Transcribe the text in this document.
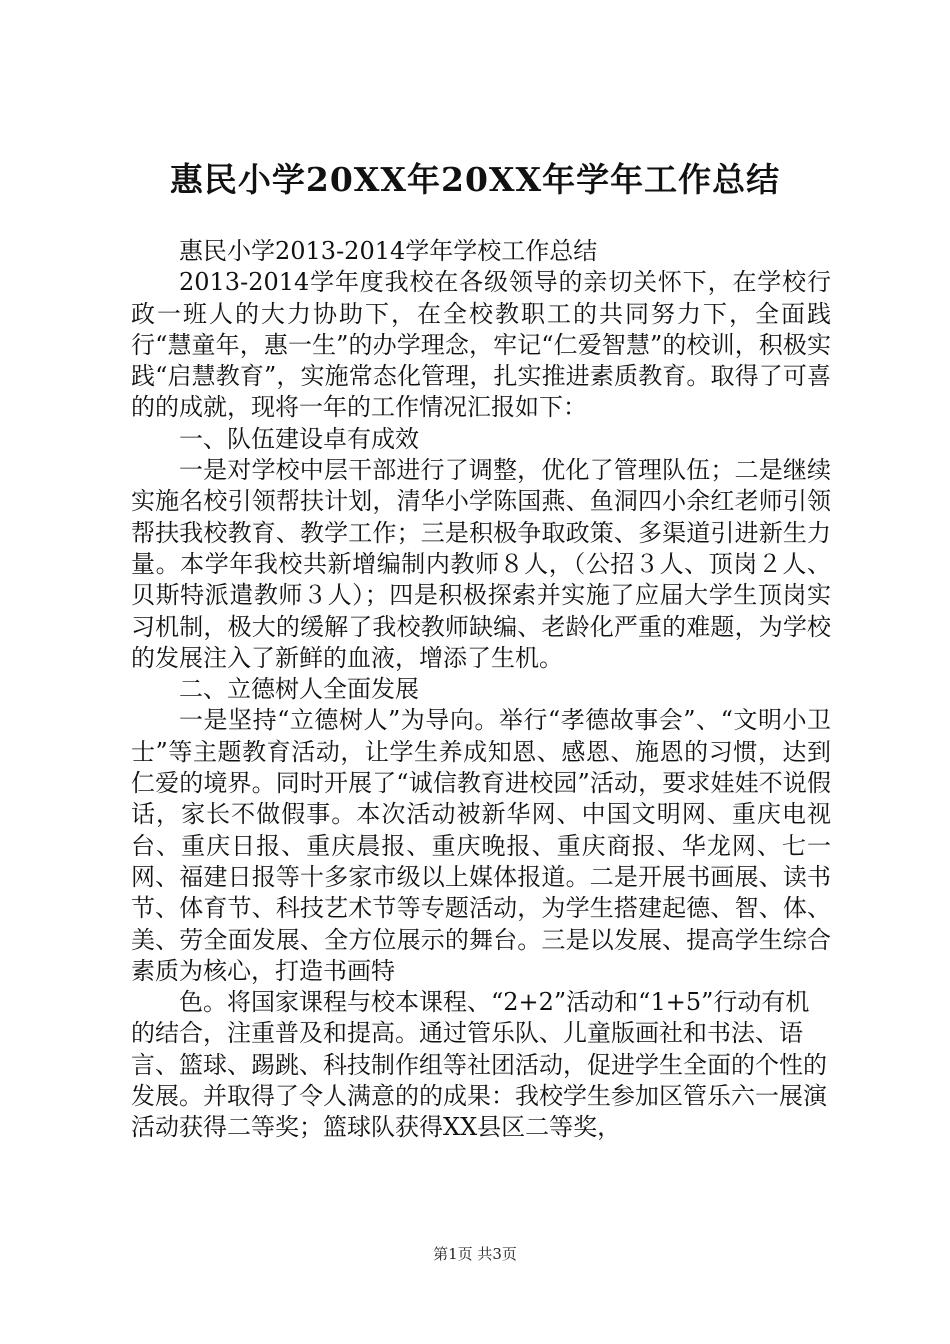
惠民小学20XX年20XX年学年工作总结

惠民小学2013-2014学年学校工作总结

2013-2014学年度我校在各级领导的亲切关怀下，在学校行政一班人的大力协助下，在全校教职工的共同努力下，全面践行“慧童年，惠一生”的办学理念，牢记“仁爱智慧”的校训，积极实践“启慧教育”，实施常态化管理，扎实推进素质教育。取得了可喜的的成就，现将一年的工作情况汇报如下：

一、队伍建设卓有成效

一是对学校中层干部进行了调整，优化了管理队伍；二是继续实施名校引领帮扶计划，清华小学陈国燕、鱼洞四小余红老师引领帮扶我校教育、教学工作；三是积极争取政策、多渠道引进新生力量。本学年我校共新增编制内教师８人，（公招３人、顶岗２人、贝斯特派遣教师３人）；四是积极探索并实施了应届大学生顶岗实习机制，极大的缓解了我校教师缺编、老龄化严重的难题，为学校的发展注入了新鲜的血液，增添了生机。

二、立德树人全面发展

一是坚持“立德树人”为导向。举行“孝德故事会”、“文明小卫士”等主题教育活动，让学生养成知恩、感恩、施恩的习惯，达到仁爱的境界。同时开展了“诚信教育进校园”活动，要求娃娃不说假话，家长不做假事。本次活动被新华网、中国文明网、重庆电视台、重庆日报、重庆晨报、重庆晚报、重庆商报、华龙网、七一网、福建日报等十多家市级以上媒体报道。二是开展书画展、读书节、体育节、科技艺术节等专题活动，为学生搭建起德、智、体、美、劳全面发展、全方位展示的舞台。三是以发展、提高学生综合素质为核心，打造书画特

色。将国家课程与校本课程、“2+2”活动和“1+5”行动有机的结合，注重普及和提高。通过管乐队、儿童版画社和书法、语言、篮球、踢跳、科技制作组等社团活动，促进学生全面的个性的发展。并取得了令人满意的的成果：我校学生参加区管乐六一展演活动获得二等奖；篮球队获得XX县区二等奖，

第1页 共3页
